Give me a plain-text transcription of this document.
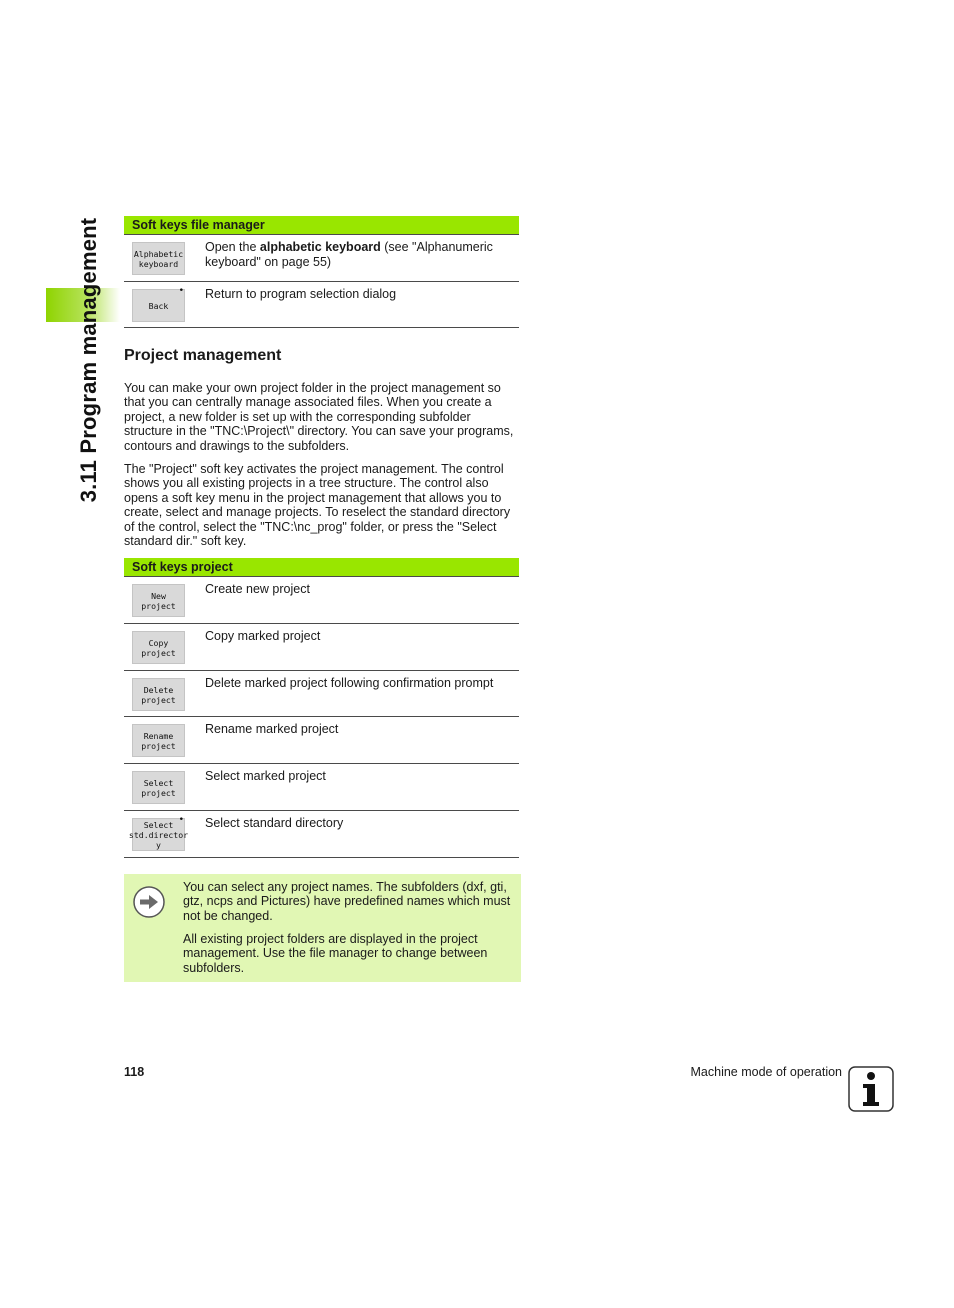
3.11 Program management	Soft keys file manager
Alphabetic
keyboard
Open the alphabetic keyboard (see "Alphanumeric keyboard" on page 55)
•
Back
Return to program selection dialog
Project management
You can make your own project folder in the project management so that you can centrally manage associated files. When you create a project, a new folder is set up with the corresponding subfolder structure in the "TNC:\Project\" directory. You can save your programs, contours and drawings to the subfolders.
The "Project" soft key activates the project management. The control shows you all existing projects in a tree structure. The control also opens a soft key menu in the project management that allows you to create, select and manage projects. To reselect the standard directory of the control, select the "TNC:\nc_prog" folder, or press the "Select standard dir." soft key.
Soft keys project
New
project
Create new project
Copy
project
Copy marked project
Delete
project
Delete marked project following confirmation prompt
Rename
project
Rename marked project
Select
project
Select marked project
•
Select
std.director
y
Select standard directory
You can select any project names. The subfolders (dxf, gti, gtz, ncps and Pictures) have predefined names which must not be changed.
All existing project folders are displayed in the project management. Use the file manager to change between subfolders.
118	Machine mode of operation
